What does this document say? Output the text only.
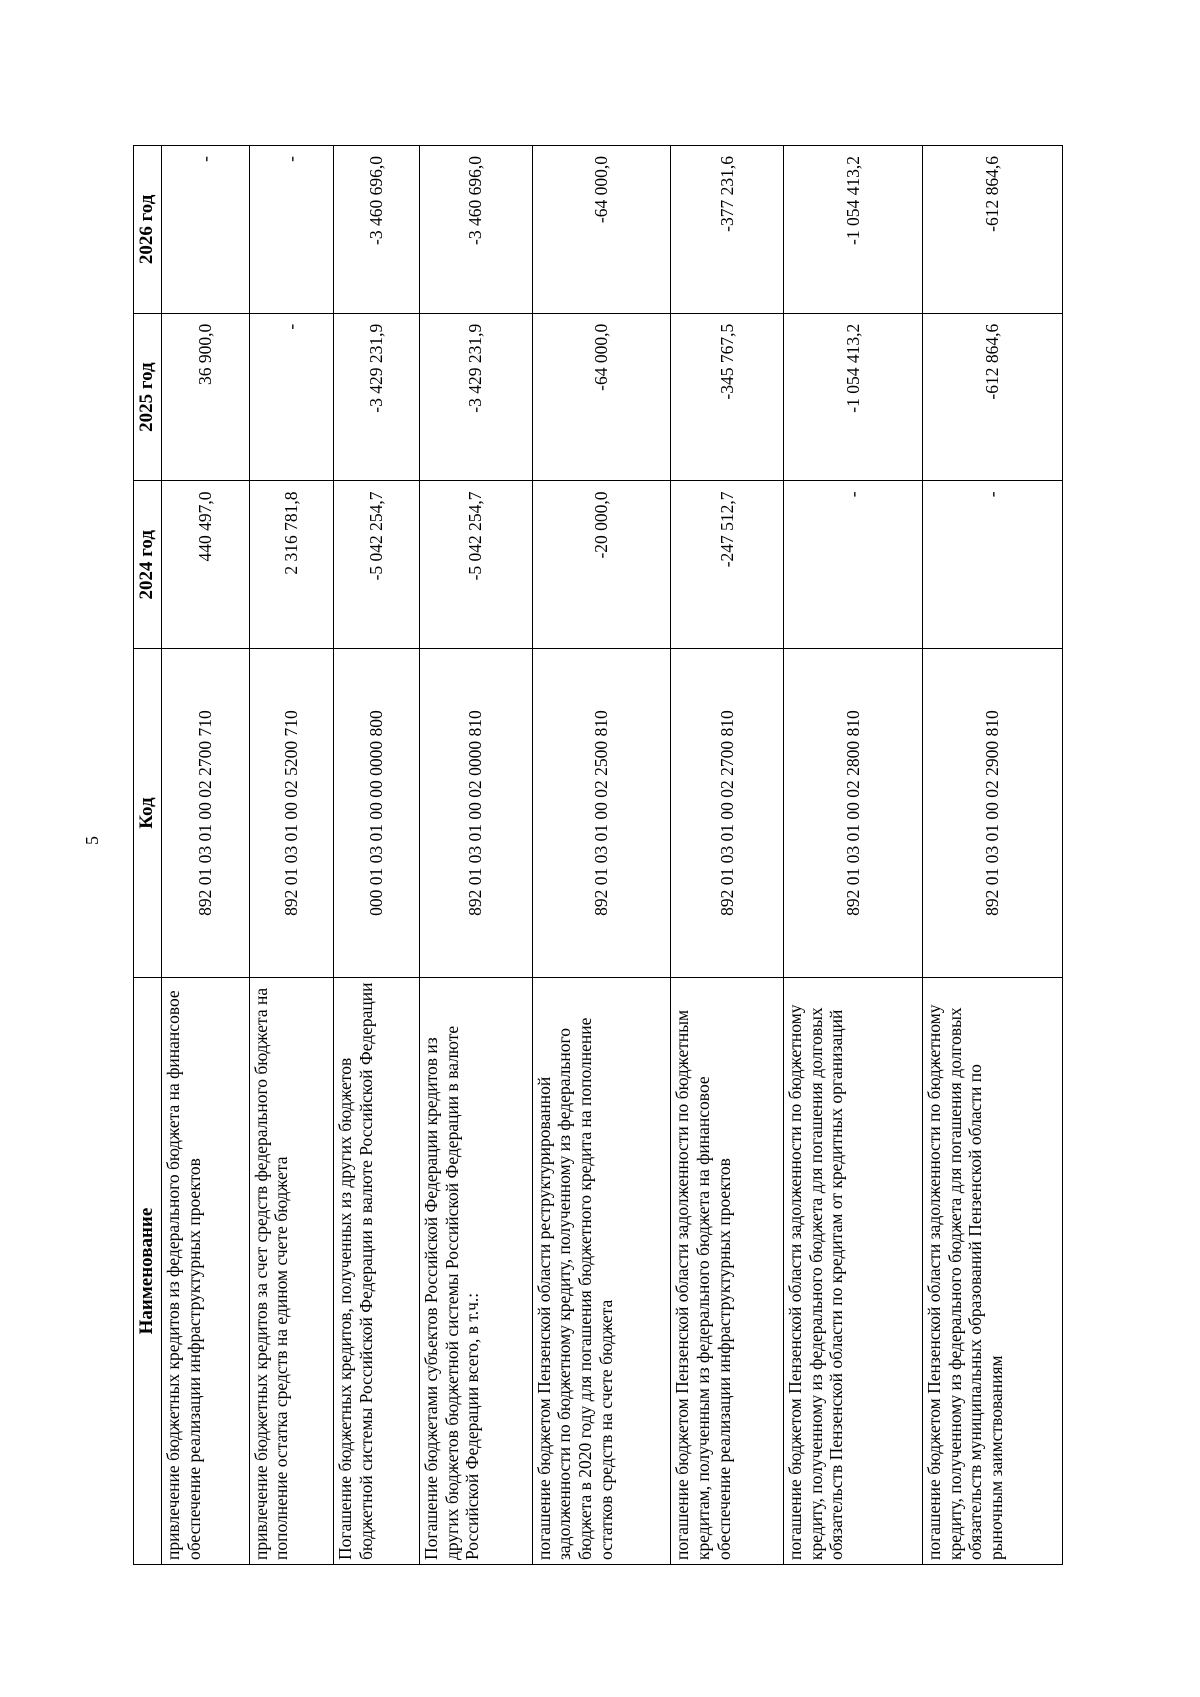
5
Наименование	Код	2024 год	2025 год	2026 год
привлечение бюджетных кредитов из федерального бюджета на финансовое обеспечение реализации инфраструктурных проектов	892 01 03 01 00 02 2700 710	440 497,0	36 900,0	-
привлечение бюджетных кредитов за счет средств федерального бюджета на пополнение остатка средств на едином счете бюджета	892 01 03 01 00 02 5200 710	2 316 781,8	-	-
Погашение бюджетных кредитов, полученных из других бюджетов бюджетной системы Российской Федерации в валюте Российской Федерации	000 01 03 01 00 00 0000 800	-5 042 254,7	-3 429 231,9	-3 460 696,0
Погашение бюджетами субъектов Российской Федерации кредитов из других бюджетов бюджетной системы Российской Федерации в валюте Российской Федерации всего, в т.ч.:	892 01 03 01 00 02 0000 810	-5 042 254,7	-3 429 231,9	-3 460 696,0
погашение бюджетом Пензенской области реструктурированной задолженности по бюджетному кредиту, полученному из федерального бюджета в 2020 году для погашения бюджетного кредита на пополнение остатков средств на счете бюджета	892 01 03 01 00 02 2500 810	-20 000,0	-64 000,0	-64 000,0
погашение бюджетом Пензенской области задолженности по бюджетным кредитам, полученным из федерального бюджета на финансовое обеспечение реализации инфраструктурных проектов	892 01 03 01 00 02 2700 810	-247 512,7	-345 767,5	-377 231,6
погашение бюджетом Пензенской области задолженности по бюджетному кредиту, полученному из федерального бюджета для погашения долговых обязательств Пензенской области по кредитам от кредитных организаций	892 01 03 01 00 02 2800 810	-	-1 054 413,2	-1 054 413,2
погашение бюджетом Пензенской области задолженности по бюджетному кредиту, полученному из федерального бюджета для погашения долговых обязательств муниципальных образований Пензенской области по рыночным заимствованиям	892 01 03 01 00 02 2900 810	-	-612 864,6	-612 864,6
